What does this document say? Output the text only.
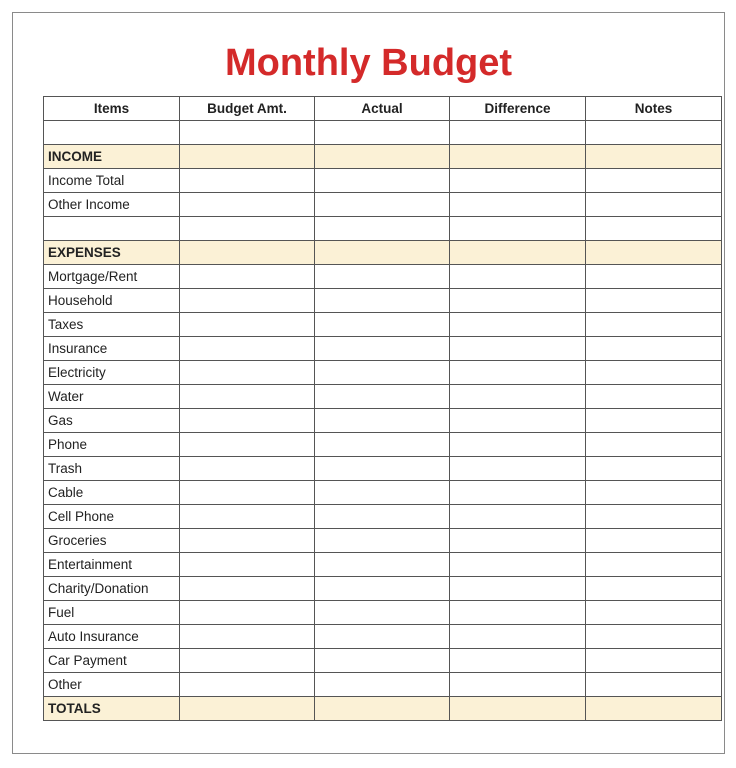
Monthly Budget
Items	Budget Amt.	Actual	Difference	Notes

INCOME				
Income Total				
Other Income				

EXPENSES				
Mortgage/Rent				
Household				
Taxes				
Insurance				
Electricity				
Water				
Gas				
Phone				
Trash				
Cable				
Cell Phone				
Groceries				
Entertainment				
Charity/Donation				
Fuel				
Auto Insurance				
Car Payment				
Other				
TOTALS				
